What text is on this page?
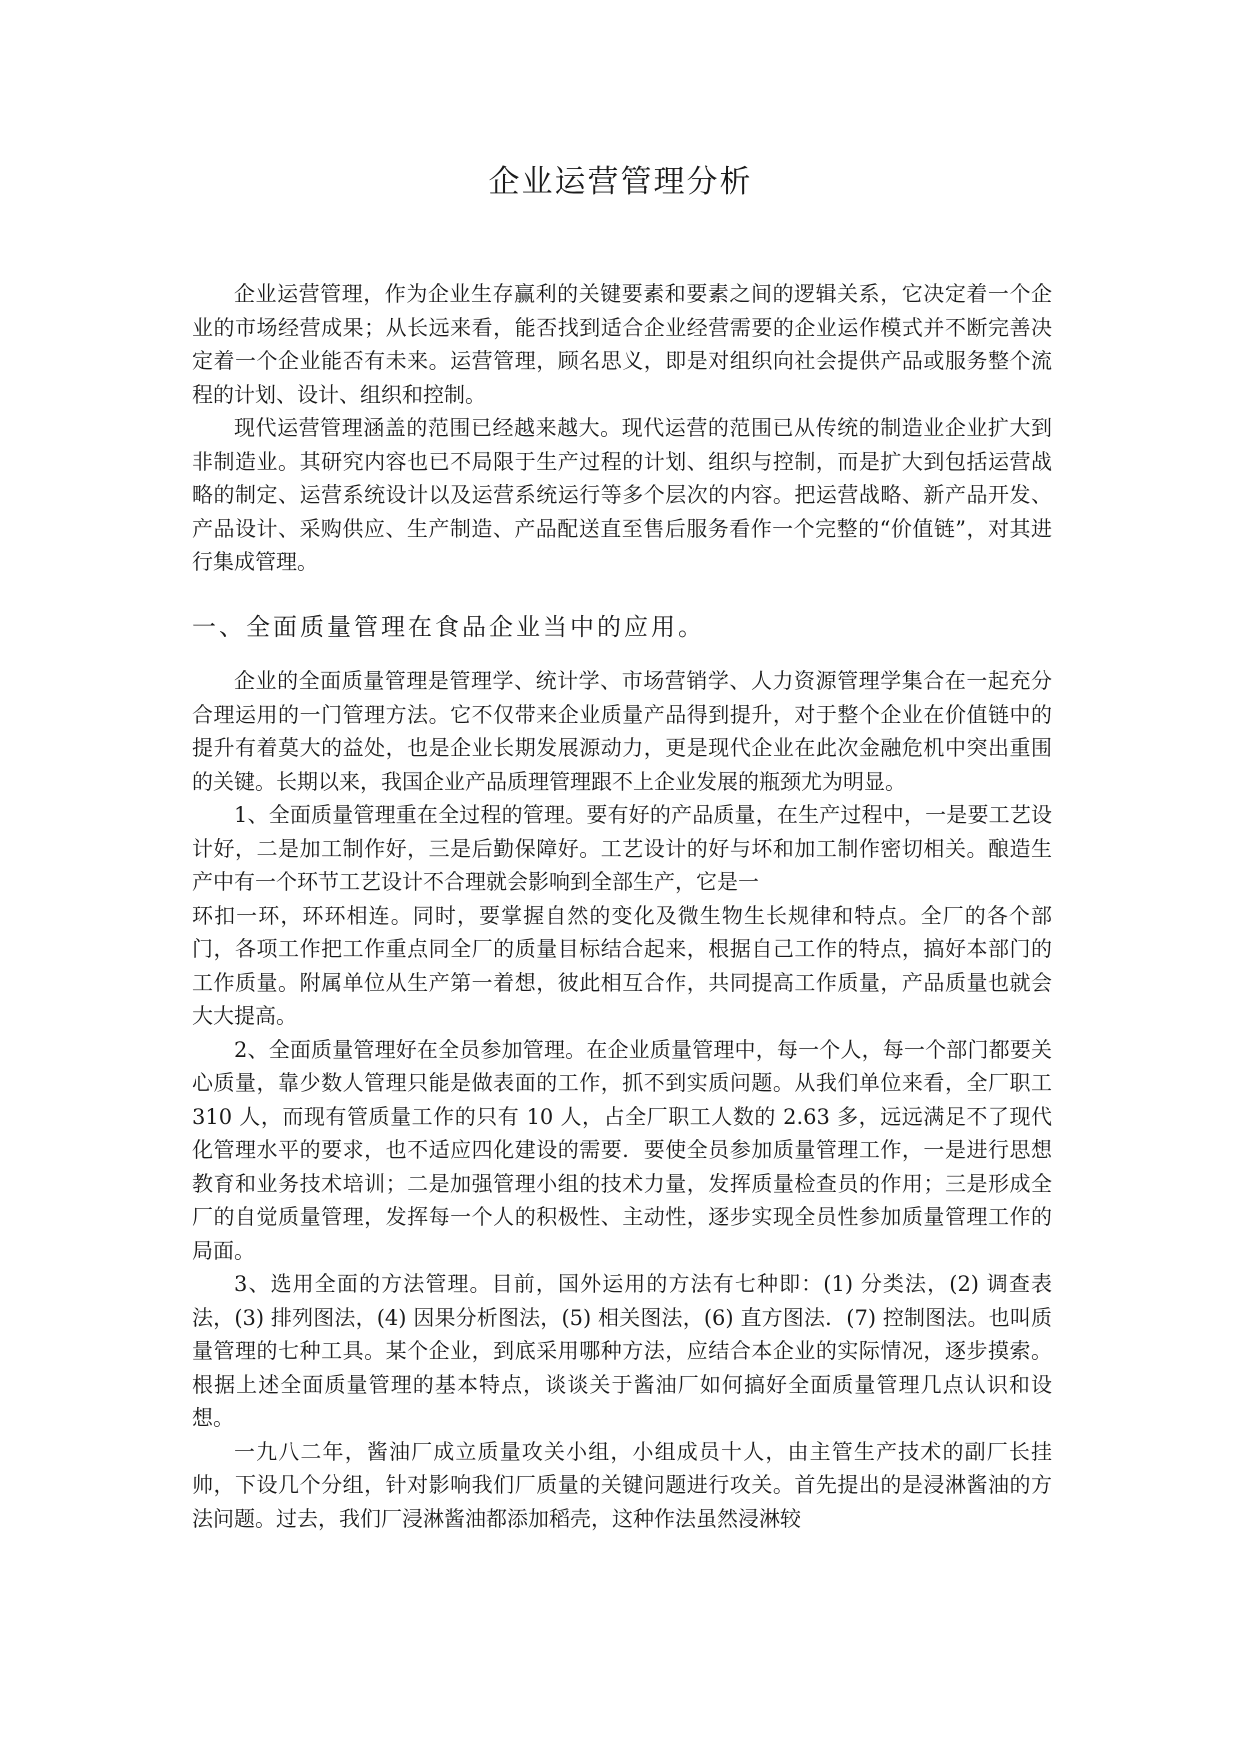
企业运营管理分析

企业运营管理，作为企业生存赢利的关键要素和要素之间的逻辑关系，它决定着一个企业的市场经营成果；从长远来看，能否找到适合企业经营需要的企业运作模式并不断完善决定着一个企业能否有未来。运营管理，顾名思义，即是对组织向社会提供产品或服务整个流程的计划、设计、组织和控制。

现代运营管理涵盖的范围已经越来越大。现代运营的范围已从传统的制造业企业扩大到非制造业。其研究内容也已不局限于生产过程的计划、组织与控制，而是扩大到包括运营战略的制定、运营系统设计以及运营系统运行等多个层次的内容。把运营战略、新产品开发、产品设计、采购供应、生产制造、产品配送直至售后服务看作一个完整的“价值链”，对其进行集成管理。

一、全面质量管理在食品企业当中的应用。

企业的全面质量管理是管理学、统计学、市场营销学、人力资源管理学集合在一起充分合理运用的一门管理方法。它不仅带来企业质量产品得到提升，对于整个企业在价值链中的提升有着莫大的益处，也是企业长期发展源动力，更是现代企业在此次金融危机中突出重围的关键。长期以来，我国企业产品质理管理跟不上企业发展的瓶颈尤为明显。

1、全面质量管理重在全过程的管理。要有好的产品质量，在生产过程中，一是要工艺设计好，二是加工制作好，三是后勤保障好。工艺设计的好与坏和加工制作密切相关。酿造生产中有一个环节工艺设计不合理就会影响到全部生产，它是一

环扣一环，环环相连。同时，要掌握自然的变化及微生物生长规律和特点。全厂的各个部门，各项工作把工作重点同全厂的质量目标结合起来，根据自己工作的特点，搞好本部门的工作质量。附属单位从生产第一着想，彼此相互合作，共同提高工作质量，产品质量也就会大大提高。

2、全面质量管理好在全员参加管理。在企业质量管理中，每一个人，每一个部门都要关心质量，靠少数人管理只能是做表面的工作，抓不到实质问题。从我们单位来看，全厂职工 310 人，而现有管质量工作的只有 10 人，占全厂职工人数的 2.63 多，远远满足不了现代化管理水平的要求，也不适应四化建设的需要．要使全员参加质量管理工作，一是进行思想教育和业务技术培训；二是加强管理小组的技术力量，发挥质量检查员的作用；三是形成全厂的自觉质量管理，发挥每一个人的积极性、主动性，逐步实现全员性参加质量管理工作的局面。

3、选用全面的方法管理。目前，国外运用的方法有七种即：(1) 分类法，(2) 调查表法，(3) 排列图法，(4) 因果分析图法，(5) 相关图法，(6) 直方图法．(7) 控制图法。也叫质量管理的七种工具。某个企业，到底采用哪种方法，应结合本企业的实际情况，逐步摸索。根据上述全面质量管理的基本特点，谈谈关于酱油厂如何搞好全面质量管理几点认识和设想。

一九八二年，酱油厂成立质量攻关小组，小组成员十人，由主管生产技术的副厂长挂帅，下设几个分组，针对影响我们厂质量的关键问题进行攻关。首先提出的是浸淋酱油的方法问题。过去，我们厂浸淋酱油都添加稻壳，这种作法虽然浸淋较
